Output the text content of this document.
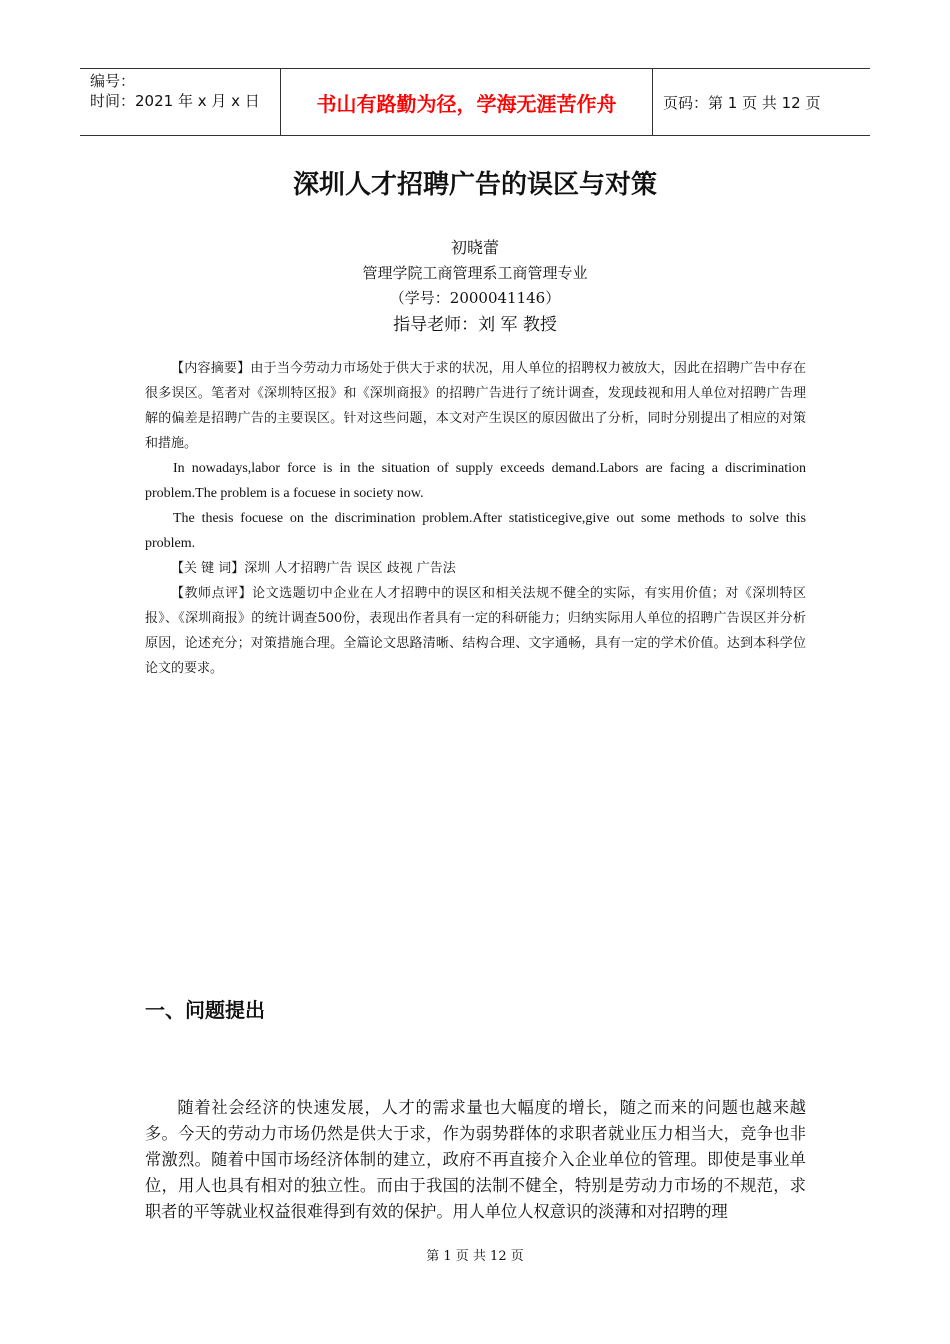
编号：
时间：2021 年 x 月 x 日	书山有路勤为径，学海无涯苦作舟	页码：第 1 页 共 12 页
深圳人才招聘广告的误区与对策
初晓蕾
管理学院工商管理系工商管理专业
（学号：2000041146）
指导老师：刘 军 教授

【内容摘要】由于当今劳动力市场处于供大于求的状况，用人单位的招聘权力被放大，因此在招聘广告中存在很多误区。笔者对《深圳特区报》和《深圳商报》的招聘广告进行了统计调查，发现歧视和用人单位对招聘广告理解的偏差是招聘广告的主要误区。针对这些问题，本文对产生误区的原因做出了分析，同时分别提出了相应的对策和措施。

In nowadays,labor force is in the situation of supply exceeds demand.Labors are facing a discrimination problem.The problem is a focuese in society now.

The thesis focuese on the discrimination problem.After statisticegive,give out some methods to solve this problem.

【关 键 词】深圳 人才招聘广告 误区 歧视 广告法

【教师点评】论文选题切中企业在人才招聘中的误区和相关法规不健全的实际，有实用价值；对《深圳特区报》、《深圳商报》的统计调查500份，表现出作者具有一定的科研能力；归纳实际用人单位的招聘广告误区并分析原因，论述充分；对策措施合理。全篇论文思路清晰、结构合理、文字通畅，具有一定的学术价值。达到本科学位论文的要求。

一、问题提出

随着社会经济的快速发展，人才的需求量也大幅度的增长，随之而来的问题也越来越多。今天的劳动力市场仍然是供大于求，作为弱势群体的求职者就业压力相当大，竞争也非常激烈。随着中国市场经济体制的建立，政府不再直接介入企业单位的管理。即使是事业单位，用人也具有相对的独立性。而由于我国的法制不健全，特别是劳动力市场的不规范，求职者的平等就业权益很难得到有效的保护。用人单位人权意识的淡薄和对招聘的理

第 1 页 共 12 页
